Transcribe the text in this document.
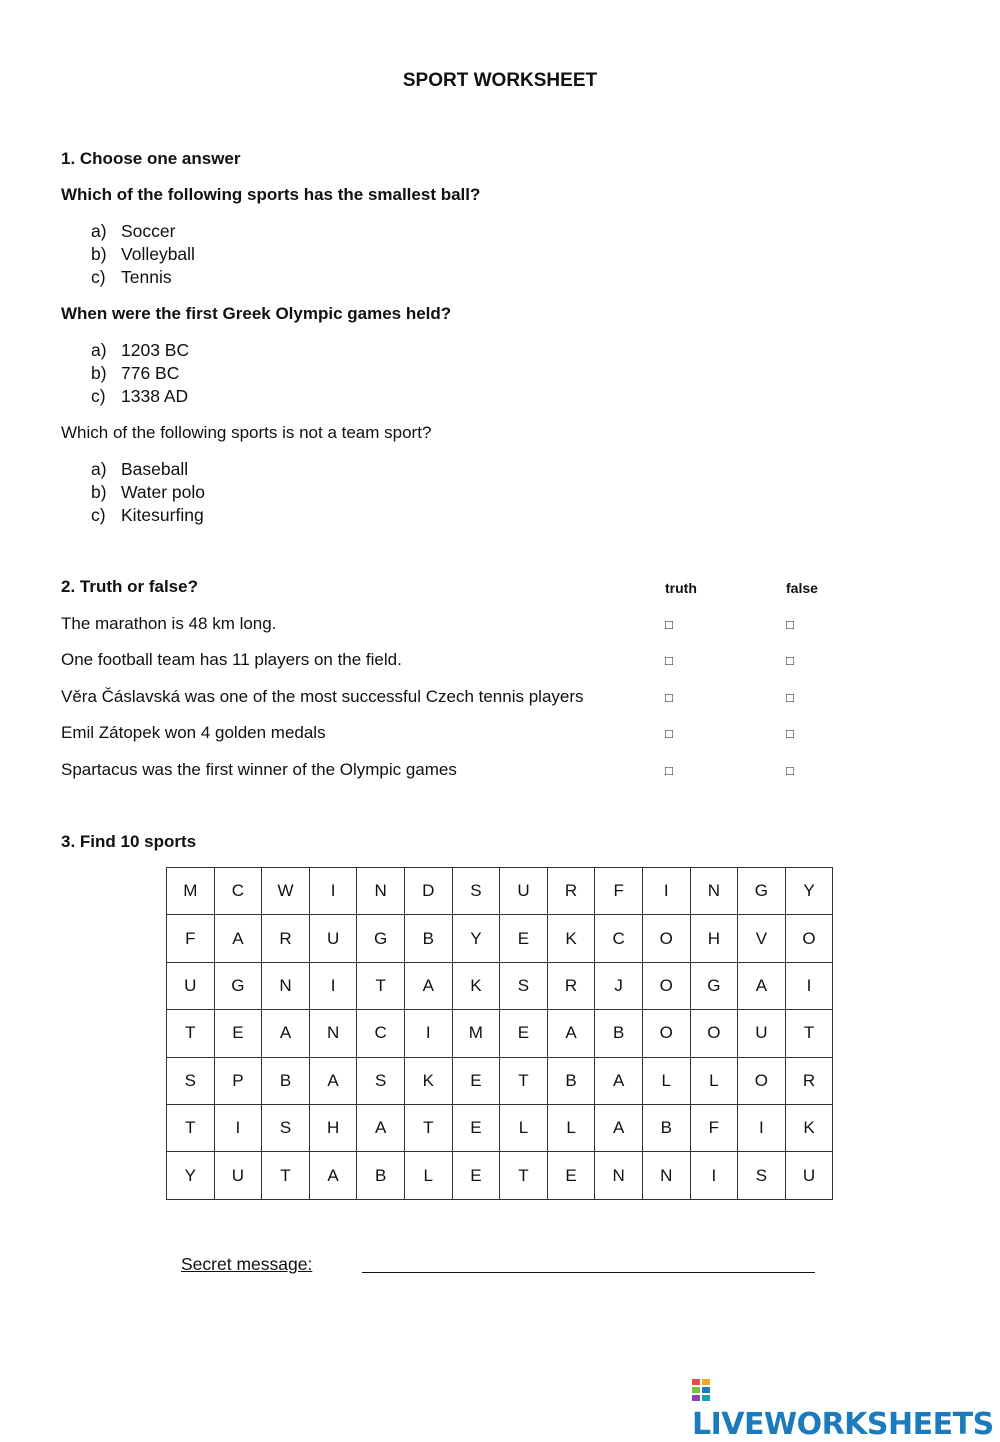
SPORT WORKSHEET
1. Choose one answer
Which of the following sports has the smallest ball?
a) Soccer
b) Volleyball
c) Tennis
When were the first Greek Olympic games held?
a) 1203 BC
b) 776 BC
c) 1338 AD
Which of the following sports is not a team sport?
a) Baseball
b) Water polo
c) Kitesurfing
2. Truth or false?	truth	false
The marathon is 48 km long.	□	□
One football team has 11 players on the field.	□	□
Věra Čáslavská was one of the most successful Czech tennis players	□	□
Emil Zátopek won 4 golden medals	□	□
Spartacus was the first winner of the Olympic games	□	□
3. Find 10 sports
M	C	W	I	N	D	S	U	R	F	I	N	G	Y
F	A	R	U	G	B	Y	E	K	C	O	H	V	O
U	G	N	I	T	A	K	S	R	J	O	G	A	I
T	E	A	N	C	I	M	E	A	B	O	O	U	T
S	P	B	A	S	K	E	T	B	A	L	L	O	R
T	I	S	H	A	T	E	L	L	A	B	F	I	K
Y	U	T	A	B	L	E	T	E	N	N	I	S	U
Secret message:
LIVEWORKSHEETS
